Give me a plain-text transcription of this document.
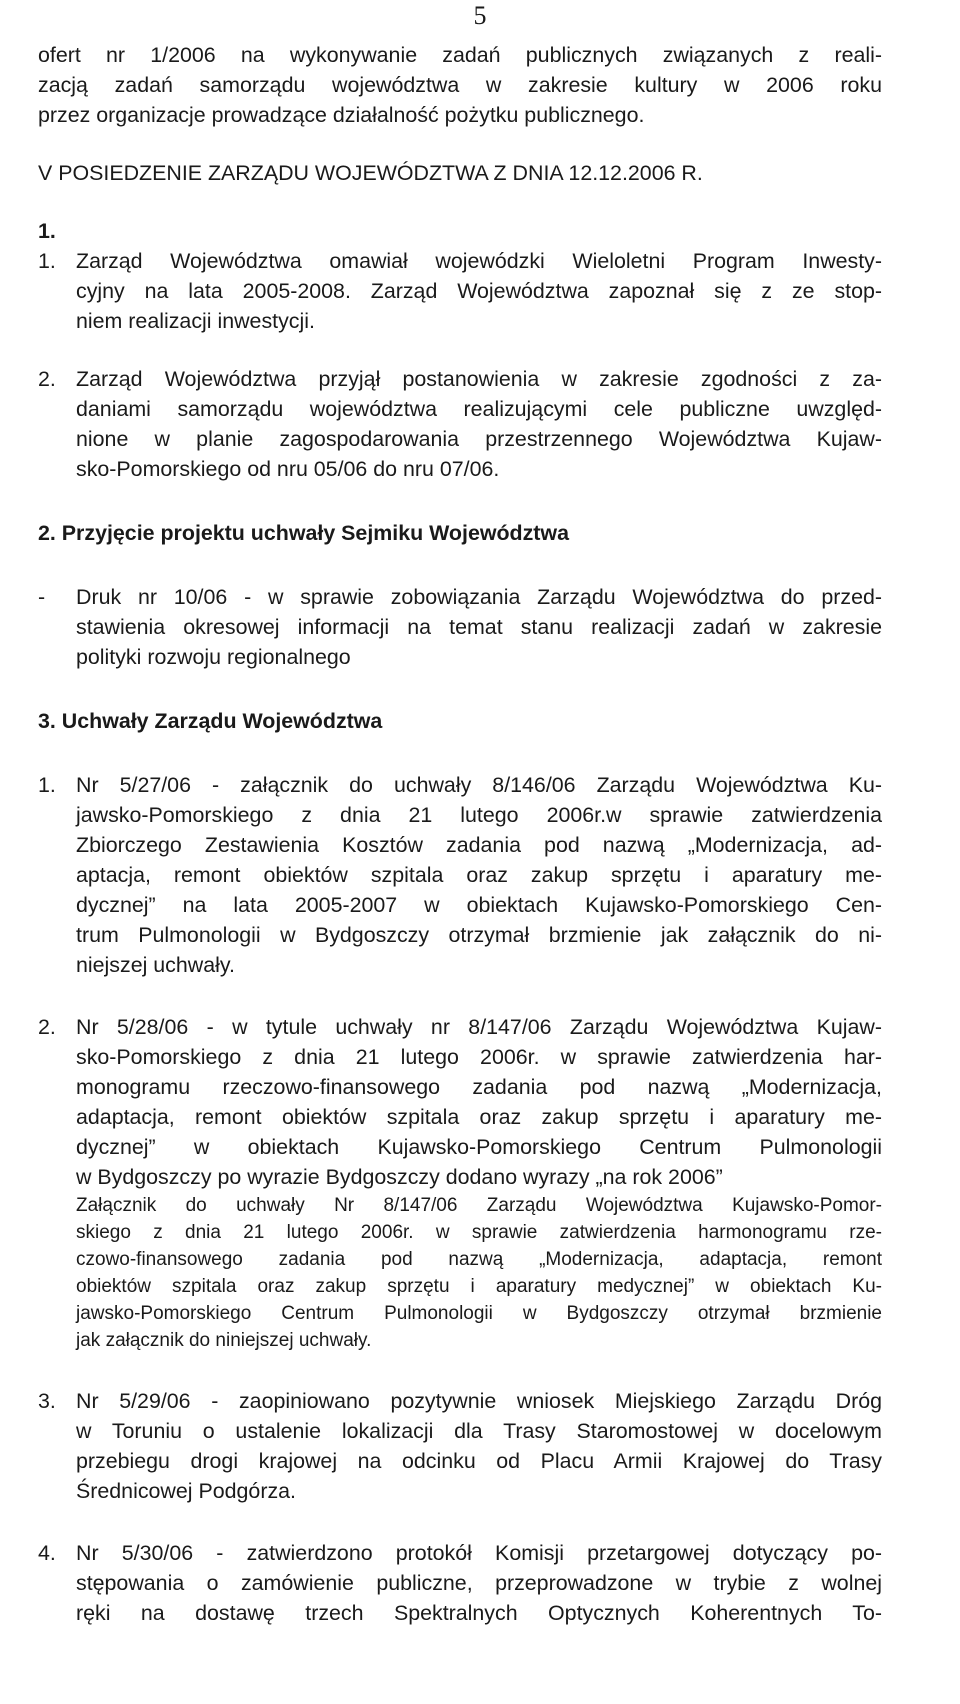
5
ofert nr 1/2006 na wykonywanie zadań publicznych związanych z reali-
zacją zadań samorządu województwa w zakresie kultury w 2006 roku
przez organizacje prowadzące działalność pożytku publicznego.
V POSIEDZENIE ZARZĄDU WOJEWÓDZTWA Z DNIA 12.12.2006 R.
1.
1. Zarząd Województwa omawiał wojewódzki Wieloletni Program Inwesty-
cyjny na lata 2005-2008. Zarząd Województwa zapoznał się z ze stop-
niem realizacji inwestycji.
2. Zarząd Województwa przyjął postanowienia w zakresie zgodności z za-
daniami samorządu województwa realizującymi cele publiczne uwzględ-
nione w planie zagospodarowania przestrzennego Województwa Kujaw-
sko-Pomorskiego od nru 05/06 do nru 07/06.
2. Przyjęcie projektu uchwały Sejmiku Województwa
-	Druk nr 10/06 - w sprawie zobowiązania Zarządu Województwa do przed-
stawienia okresowej informacji na temat stanu realizacji zadań w zakresie
polityki rozwoju regionalnego
3. Uchwały Zarządu Województwa
1. Nr 5/27/06 - załącznik do uchwały 8/146/06 Zarządu Województwa Ku-
jawsko-Pomorskiego z dnia 21 lutego 2006r.w sprawie zatwierdzenia
Zbiorczego Zestawienia Kosztów zadania pod nazwą „Modernizacja, ad-
aptacja, remont obiektów szpitala oraz zakup sprzętu i aparatury me-
dycznej” na lata 2005-2007 w obiektach Kujawsko-Pomorskiego Cen-
trum Pulmonologii w Bydgoszczy otrzymał brzmienie jak załącznik do ni-
niejszej uchwały.
2. Nr 5/28/06 - w tytule uchwały nr 8/147/06 Zarządu Województwa Kujaw-
sko-Pomorskiego z dnia 21 lutego 2006r. w sprawie zatwierdzenia har-
monogramu rzeczowo-finansowego zadania pod nazwą „Modernizacja,
adaptacja, remont obiektów szpitala oraz zakup sprzętu i aparatury me-
dycznej” w obiektach Kujawsko-Pomorskiego Centrum Pulmonologii
w Bydgoszczy po wyrazie Bydgoszczy dodano wyrazy „na rok 2006”
Załącznik do uchwały Nr 8/147/06 Zarządu Województwa Kujawsko-Pomor-
skiego z dnia 21 lutego 2006r. w sprawie zatwierdzenia harmonogramu rze-
czowo-finansowego zadania pod nazwą „Modernizacja, adaptacja, remont
obiektów szpitala oraz zakup sprzętu i aparatury medycznej” w obiektach Ku-
jawsko-Pomorskiego Centrum Pulmonologii w Bydgoszczy otrzymał brzmienie
jak załącznik do niniejszej uchwały.
3. Nr 5/29/06 - zaopiniowano pozytywnie wniosek Miejskiego Zarządu Dróg
w Toruniu o ustalenie lokalizacji dla Trasy Staromostowej w docelowym
przebiegu drogi krajowej na odcinku od Placu Armii Krajowej do Trasy
Średnicowej Podgórza.
4. Nr 5/30/06 - zatwierdzono protokół Komisji przetargowej dotyczący po-
stępowania o zamówienie publiczne, przeprowadzone w trybie z wolnej
ręki na dostawę trzech Spektralnych Optycznych Koherentnych To-
